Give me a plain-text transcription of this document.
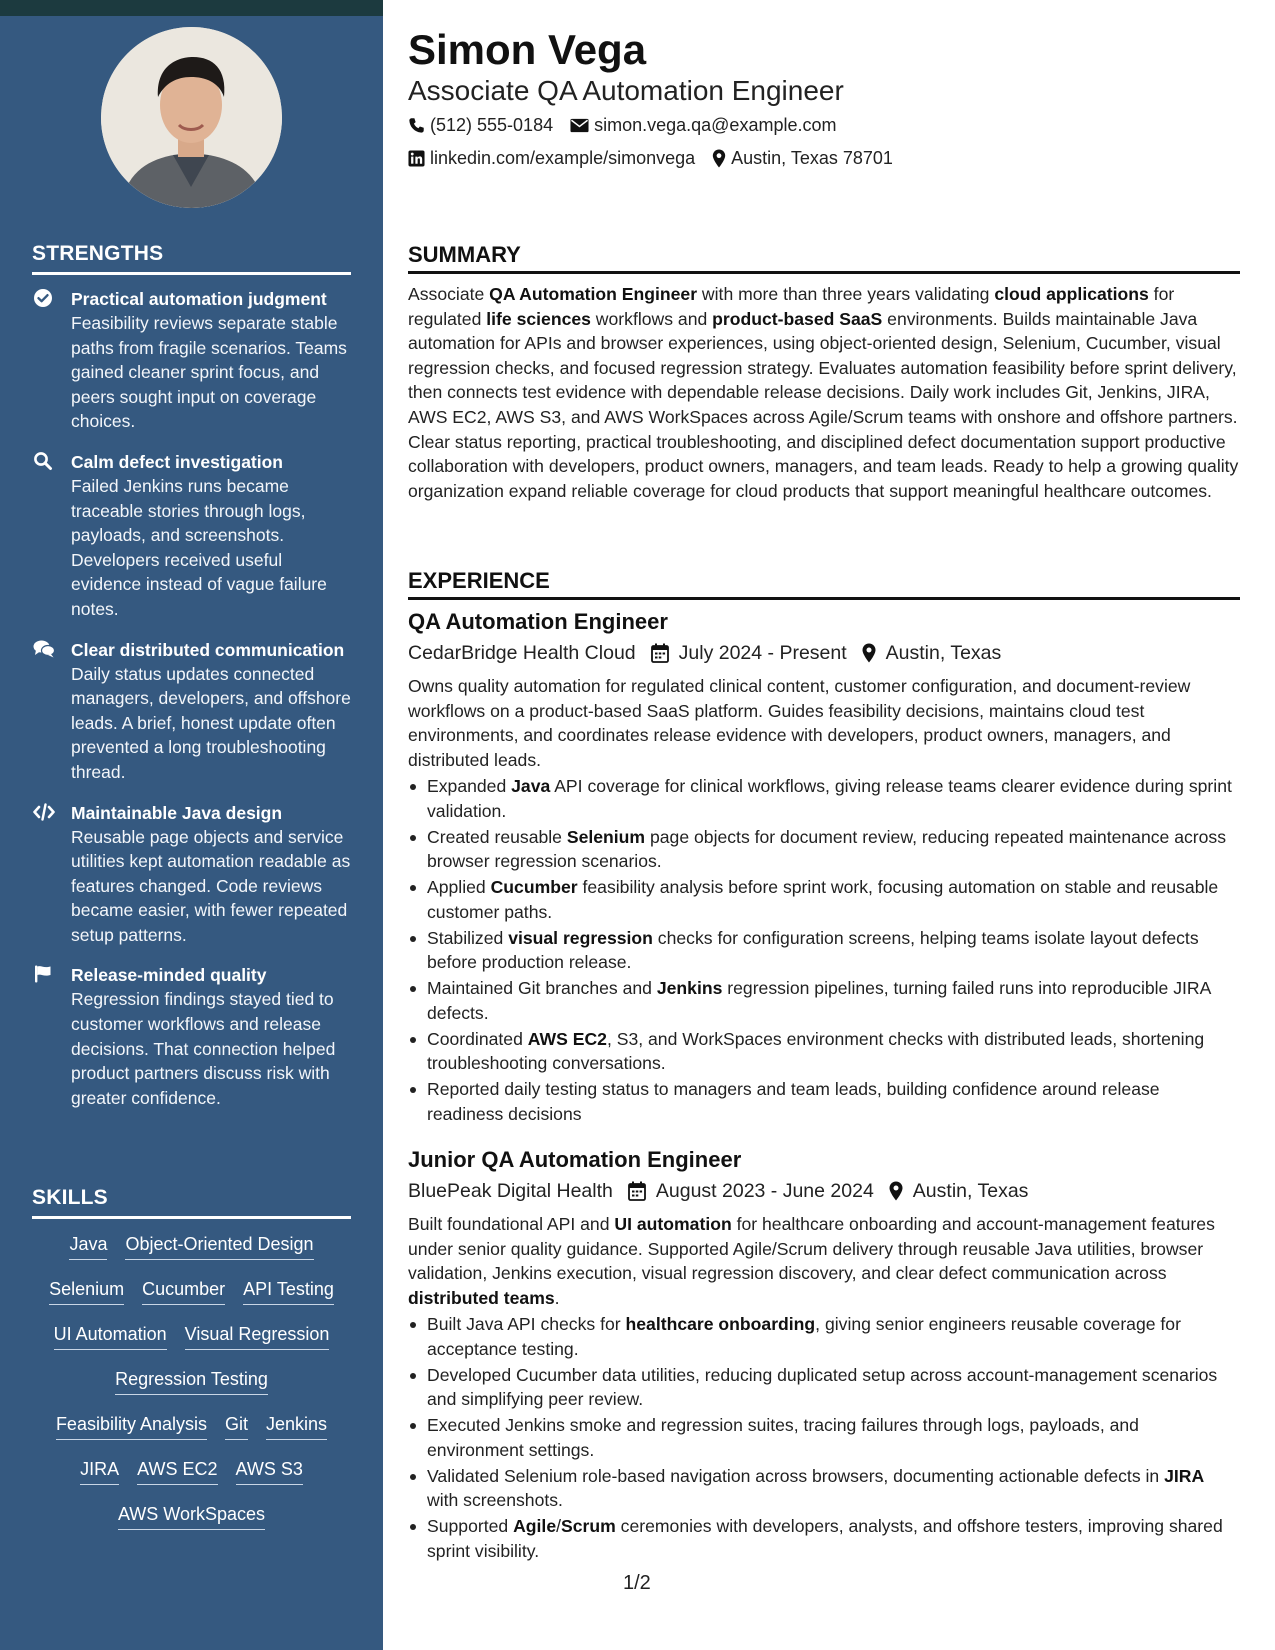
STRENGTHS
Practical automation judgment
Feasibility reviews separate stable paths from fragile scenarios. Teams gained cleaner sprint focus, and peers sought input on coverage choices.
Calm defect investigation
Failed Jenkins runs became traceable stories through logs, payloads, and screenshots. Developers received useful evidence instead of vague failure notes.
Clear distributed communication
Daily status updates connected managers, developers, and offshore leads. A brief, honest update often prevented a long troubleshooting thread.
Maintainable Java design
Reusable page objects and service utilities kept automation readable as features changed. Code reviews became easier, with fewer repeated setup patterns.
Release-minded quality
Regression findings stayed tied to customer workflows and release decisions. That connection helped product partners discuss risk with greater confidence.
SKILLS
Java Object-Oriented Design
Selenium Cucumber API Testing
UI Automation Visual Regression
Regression Testing
Feasibility Analysis Git Jenkins
JIRA AWS EC2 AWS S3
AWS WorkSpaces
Simon Vega
Associate QA Automation Engineer
(512) 555-0184 simon.vega.qa@example.com
linkedin.com/example/simonvega Austin, Texas 78701
SUMMARY

Associate QA Automation Engineer with more than three years validating cloud applications for regulated life sciences workflows and product-based SaaS environments. Builds maintainable Java automation for APIs and browser experiences, using object-oriented design, Selenium, Cucumber, visual regression checks, and focused regression strategy. Evaluates automation feasibility before sprint delivery, then connects test evidence with dependable release decisions. Daily work includes Git, Jenkins, JIRA, AWS EC2, AWS S3, and AWS WorkSpaces across Agile/Scrum teams with onshore and offshore partners. Clear status reporting, practical troubleshooting, and disciplined defect documentation support productive collaboration with developers, product owners, managers, and team leads. Ready to help a growing quality organization expand reliable coverage for cloud products that support meaningful healthcare outcomes.

EXPERIENCE
QA Automation Engineer
CedarBridge Health Cloud July 2024 - Present Austin, Texas

Owns quality automation for regulated clinical content, customer configuration, and document-review workflows on a product-based SaaS platform. Guides feasibility decisions, maintains cloud test environments, and coordinates release evidence with developers, product owners, managers, and distributed leads.

Expanded Java API coverage for clinical workflows, giving release teams clearer evidence during sprint validation.
Created reusable Selenium page objects for document review, reducing repeated maintenance across browser regression scenarios.
Applied Cucumber feasibility analysis before sprint work, focusing automation on stable and reusable customer paths.
Stabilized visual regression checks for configuration screens, helping teams isolate layout defects before production release.
Maintained Git branches and Jenkins regression pipelines, turning failed runs into reproducible JIRA defects.
Coordinated AWS EC2, S3, and WorkSpaces environment checks with distributed leads, shortening troubleshooting conversations.
Reported daily testing status to managers and team leads, building confidence around release readiness decisions
Junior QA Automation Engineer
BluePeak Digital Health August 2023 - June 2024 Austin, Texas

Built foundational API and UI automation for healthcare onboarding and account-management features under senior quality guidance. Supported Agile/Scrum delivery through reusable Java utilities, browser validation, Jenkins execution, visual regression discovery, and clear defect communication across distributed teams.

Built Java API checks for healthcare onboarding, giving senior engineers reusable coverage for acceptance testing.
Developed Cucumber data utilities, reducing duplicated setup across account-management scenarios and simplifying peer review.
Executed Jenkins smoke and regression suites, tracing failures through logs, payloads, and environment settings.
Validated Selenium role-based navigation across browsers, documenting actionable defects in JIRA with screenshots.
Supported Agile/Scrum ceremonies with developers, analysts, and offshore testers, improving shared sprint visibility.
1/2
